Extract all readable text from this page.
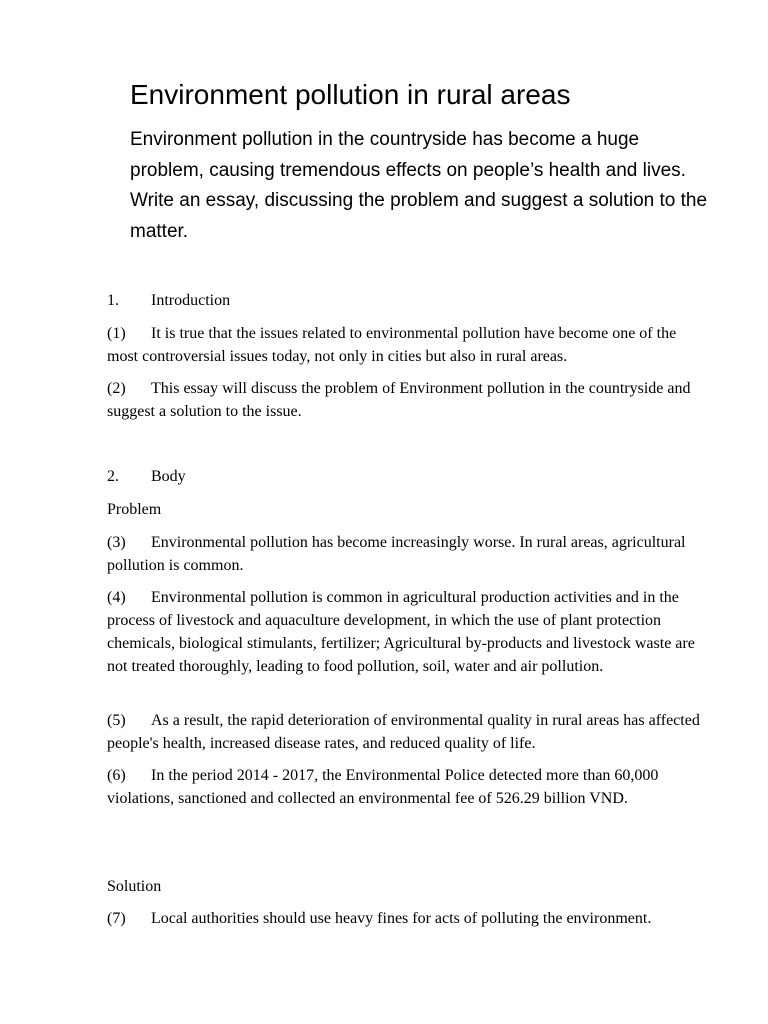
Environment pollution in rural areas
Environment pollution in the countryside has become a huge problem, causing tremendous effects on people’s health and lives. Write an essay, discussing the problem and suggest a solution to the matter.
1. Introduction
(1) It is true that the issues related to environmental pollution have become one of the most controversial issues today, not only in cities but also in rural areas.
(2) This essay will discuss the problem of Environment pollution in the countryside and suggest a solution to the issue.
2. Body
Problem
(3) Environmental pollution has become increasingly worse. In rural areas, agricultural pollution is common.
(4) Environmental pollution is common in agricultural production activities and in the process of livestock and aquaculture development, in which the use of plant protection chemicals, biological stimulants, fertilizer; Agricultural by-products and livestock waste are not treated thoroughly, leading to food pollution, soil, water and air pollution.
(5) As a result, the rapid deterioration of environmental quality in rural areas has affected people's health, increased disease rates, and reduced quality of life.
(6) In the period 2014 - 2017, the Environmental Police detected more than 60,000 violations, sanctioned and collected an environmental fee of 526.29 billion VND.
Solution
(7) Local authorities should use heavy fines for acts of polluting the environment.
